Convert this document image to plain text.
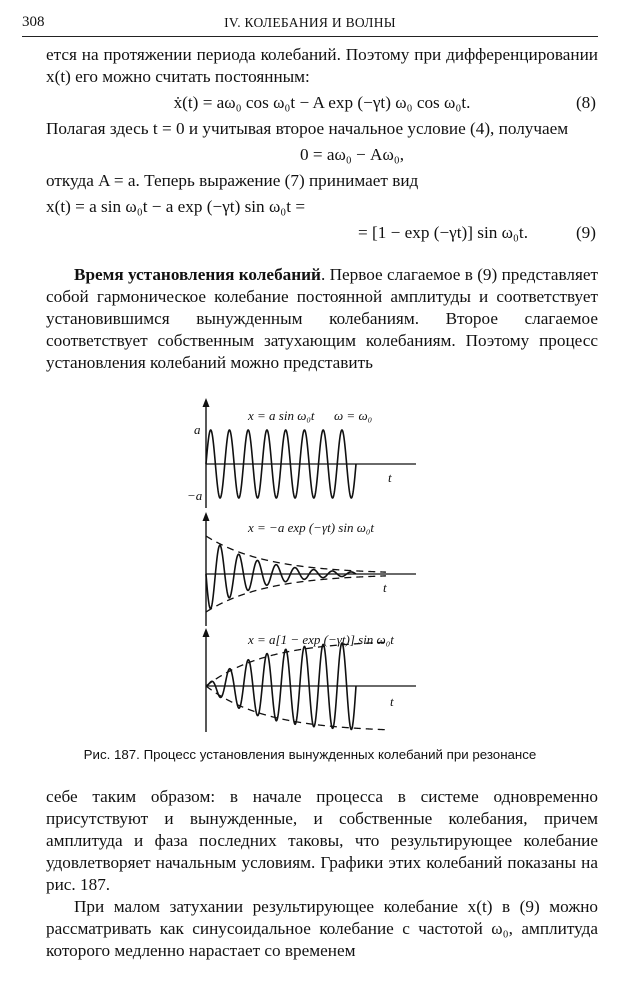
308	IV. КОЛЕБАНИЯ И ВОЛНЫ

ется на протяжении периода колебаний. Поэтому при дифференцировании x(t) его можно считать постоянным:

ẋ(t) = aω₀ cos ω₀t − A exp (−γt) ω₀ cos ω₀t.	(8)

Полагая здесь t = 0 и учитывая второе начальное условие (4), получаем

0 = aω₀ − Aω₀,

откуда A = a. Теперь выражение (7) принимает вид

x(t) = a sin ω₀t − a exp (−γt) sin ω₀t =
= [1 − exp (−γt)] sin ω₀t.	(9)

Время установления колебаний. Первое слагаемое в (9) представляет собой гармоническое колебание постоянной амплитуды и соответствует установившимся вынужденным колебаниям. Второе слагаемое соответствует собственным затухающим колебаниям. Поэтому процесс установления колебаний можно представить

x = a sin ω₀t ω = ω₀
a
−a
t
x = −a exp (−γt) sin ω₀t
t
x = a[1 − exp (−γt)] sin ω₀t
t
Рис. 187. Процесс установления вынужденных колебаний при резонансе

себе таким образом: в начале процесса в системе одновременно присутствуют и вынужденные, и собственные колебания, причем амплитуда и фаза последних таковы, что результирующее колебание удовлетворяет начальным условиям. Графики этих колебаний показаны на рис. 187.

При малом затухании результирующее колебание x(t) в (9) можно рассматривать как синусоидальное колебание с частотой ω₀, амплитуда которого медленно нарастает со временем
